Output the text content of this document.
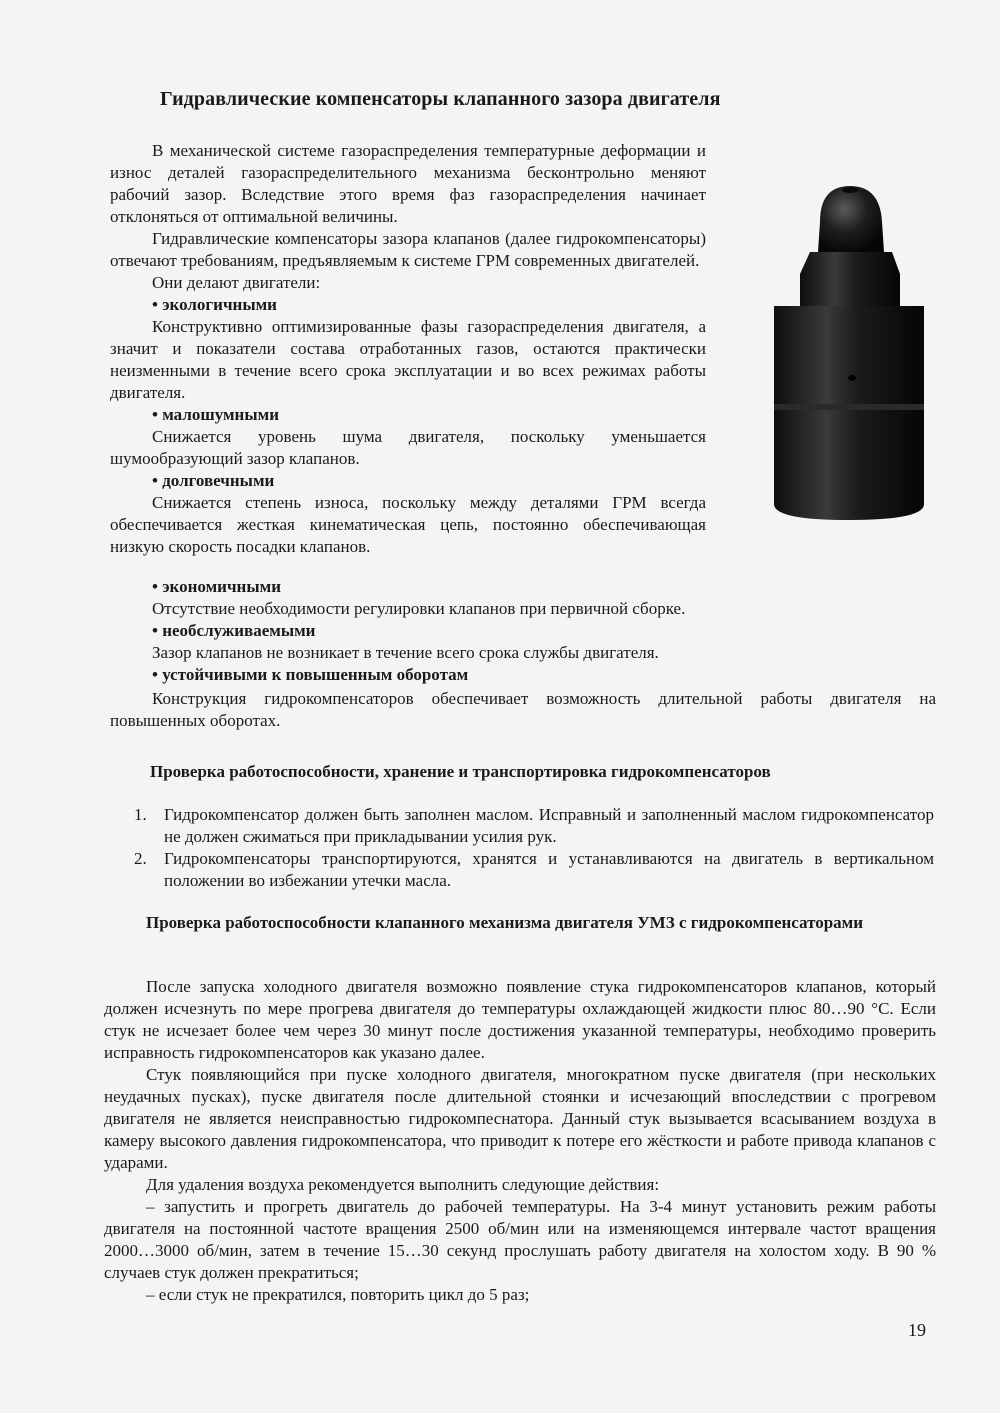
Гидравлические компенсаторы клапанного зазора двигателя

В механической системе газораспределения температурные деформации и износ деталей газораспределительного механизма бесконтрольно меняют рабочий зазор. Вследствие этого время фаз газораспределения начинает отклоняться от оптимальной величины.

Гидравлические компенсаторы зазора клапанов (далее гидрокомпенсаторы) отвечают требованиям, предъявляемым к системе ГРМ современных двигателей.

Они делают двигатели:

• экологичными

Конструктивно оптимизированные фазы газораспределения двигателя, а значит и показатели состава отработанных газов, остаются практически неизменными в течение всего срока эксплуатации и во всех режимах работы двигателя.

• малошумными

Снижается уровень шума двигателя, поскольку уменьшается шумообразующий зазор клапанов.

• долговечными

Снижается степень износа, поскольку между деталями ГРМ всегда обеспечивается жесткая кинематическая цепь, постоянно обеспечивающая низкую скорость посадки клапанов.

• экономичными

Отсутствие необходимости регулировки клапанов при первичной сборке.

• необслуживаемыми

Зазор клапанов не возникает в течение всего срока службы двигателя.

• устойчивыми к повышенным оборотам

Конструкция гидрокомпенсаторов обеспечивает возможность длительной работы двигателя на повышенных оборотах.

Проверка работоспособности, хранение и транспортировка гидрокомпенсаторов
1. Гидрокомпенсатор должен быть заполнен маслом. Исправный и заполненный маслом гидрокомпенсатор не должен сжиматься при прикладывании усилия рук.
2. Гидрокомпенсаторы транспортируются, хранятся и устанавливаются на двигатель в вертикальном положении во избежании утечки масла.

Проверка работоспособности клапанного механизма двигателя УМЗ с гидрокомпенсаторами

После запуска холодного двигателя возможно появление стука гидрокомпенсаторов клапанов, который должен исчезнуть по мере прогрева двигателя до температуры охлаждающей жидкости плюс 80…90 °С. Если стук не исчезает более чем через 30 минут после достижения указанной температуры, необходимо проверить исправность гидрокомпенсаторов как указано далее.

Стук появляющийся при пуске холодного двигателя, многократном пуске двигателя (при нескольких неудачных пусках), пуске двигателя после длительной стоянки и исчезающий впоследствии с прогревом двигателя не является неисправностью гидрокомпеснатора. Данный стук вызывается всасыванием воздуха в камеру высокого давления гидрокомпенсатора, что приводит к потере его жёсткости и работе привода клапанов с ударами.

Для удаления воздуха рекомендуется выполнить следующие действия:

– запустить и прогреть двигатель до рабочей температуры. На 3-4 минут установить режим работы двигателя на постоянной частоте вращения 2500 об/мин или на изменяющемся интервале частот вращения 2000…3000 об/мин, затем в течение 15…30 секунд прослушать работу двигателя на холостом ходу. В 90 % случаев стук должен прекратиться;

– если стук не прекратился, повторить цикл до 5 раз;

19
